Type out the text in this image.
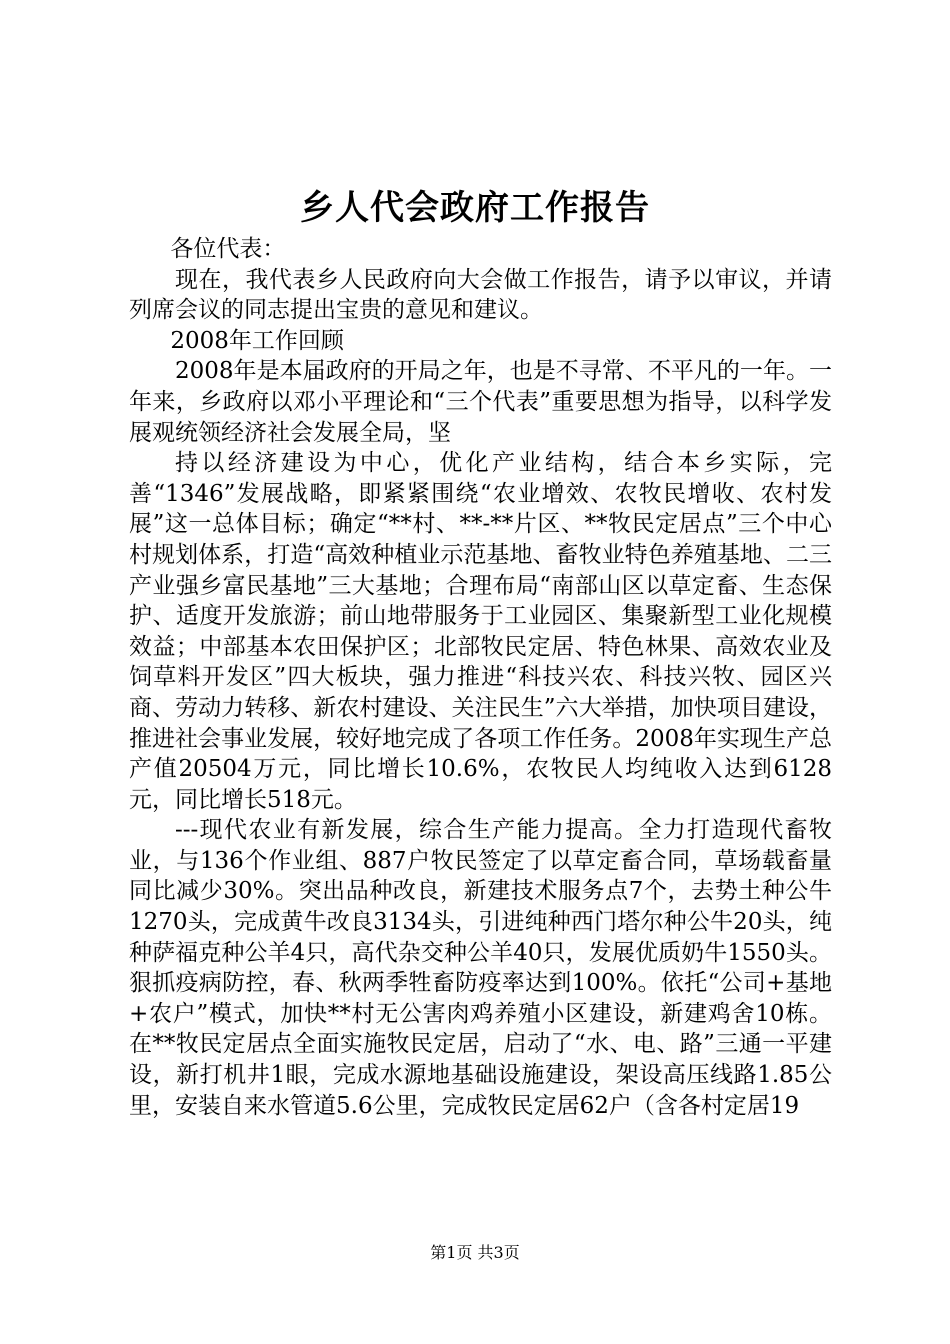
乡人代会政府工作报告

各位代表：

现在，我代表乡人民政府向大会做工作报告，请予以审议，并请列席会议的同志提出宝贵的意见和建议。

2008年工作回顾

2008年是本届政府的开局之年，也是不寻常、不平凡的一年。一年来，乡政府以邓小平理论和“三个代表”重要思想为指导，以科学发展观统领经济社会发展全局，坚

持以经济建设为中心，优化产业结构，结合本乡实际，完善“1346”发展战略，即紧紧围绕“农业增效、农牧民增收、农村发展”这一总体目标；确定“**村、**-**片区、**牧民定居点”三个中心村规划体系，打造“高效种植业示范基地、畜牧业特色养殖基地、二三产业强乡富民基地”三大基地；合理布局“南部山区以草定畜、生态保护、适度开发旅游；前山地带服务于工业园区、集聚新型工业化规模效益；中部基本农田保护区；北部牧民定居、特色林果、高效农业及饲草料开发区”四大板块，强力推进“科技兴农、科技兴牧、园区兴商、劳动力转移、新农村建设、关注民生”六大举措，加快项目建设，推进社会事业发展，较好地完成了各项工作任务。2008年实现生产总产值20504万元，同比增长10.6%，农牧民人均纯收入达到6128元，同比增长518元。

---现代农业有新发展，综合生产能力提高。全力打造现代畜牧业，与136个作业组、887户牧民签定了以草定畜合同，草场载畜量同比减少30%。突出品种改良，新建技术服务点7个，去势土种公牛1270头，完成黄牛改良3134头，引进纯种西门塔尔种公牛20头，纯种萨福克种公羊4只，高代杂交种公羊40只，发展优质奶牛1550头。狠抓疫病防控，春、秋两季牲畜防疫率达到100%。依托“公司+基地+农户”模式，加快**村无公害肉鸡养殖小区建设，新建鸡舍10栋。在**牧民定居点全面实施牧民定居，启动了“水、电、路”三通一平建设，新打机井1眼，完成水源地基础设施建设，架设高压线路1.85公里，安装自来水管道5.6公里，完成牧民定居62户（含各村定居19

第1页 共3页
